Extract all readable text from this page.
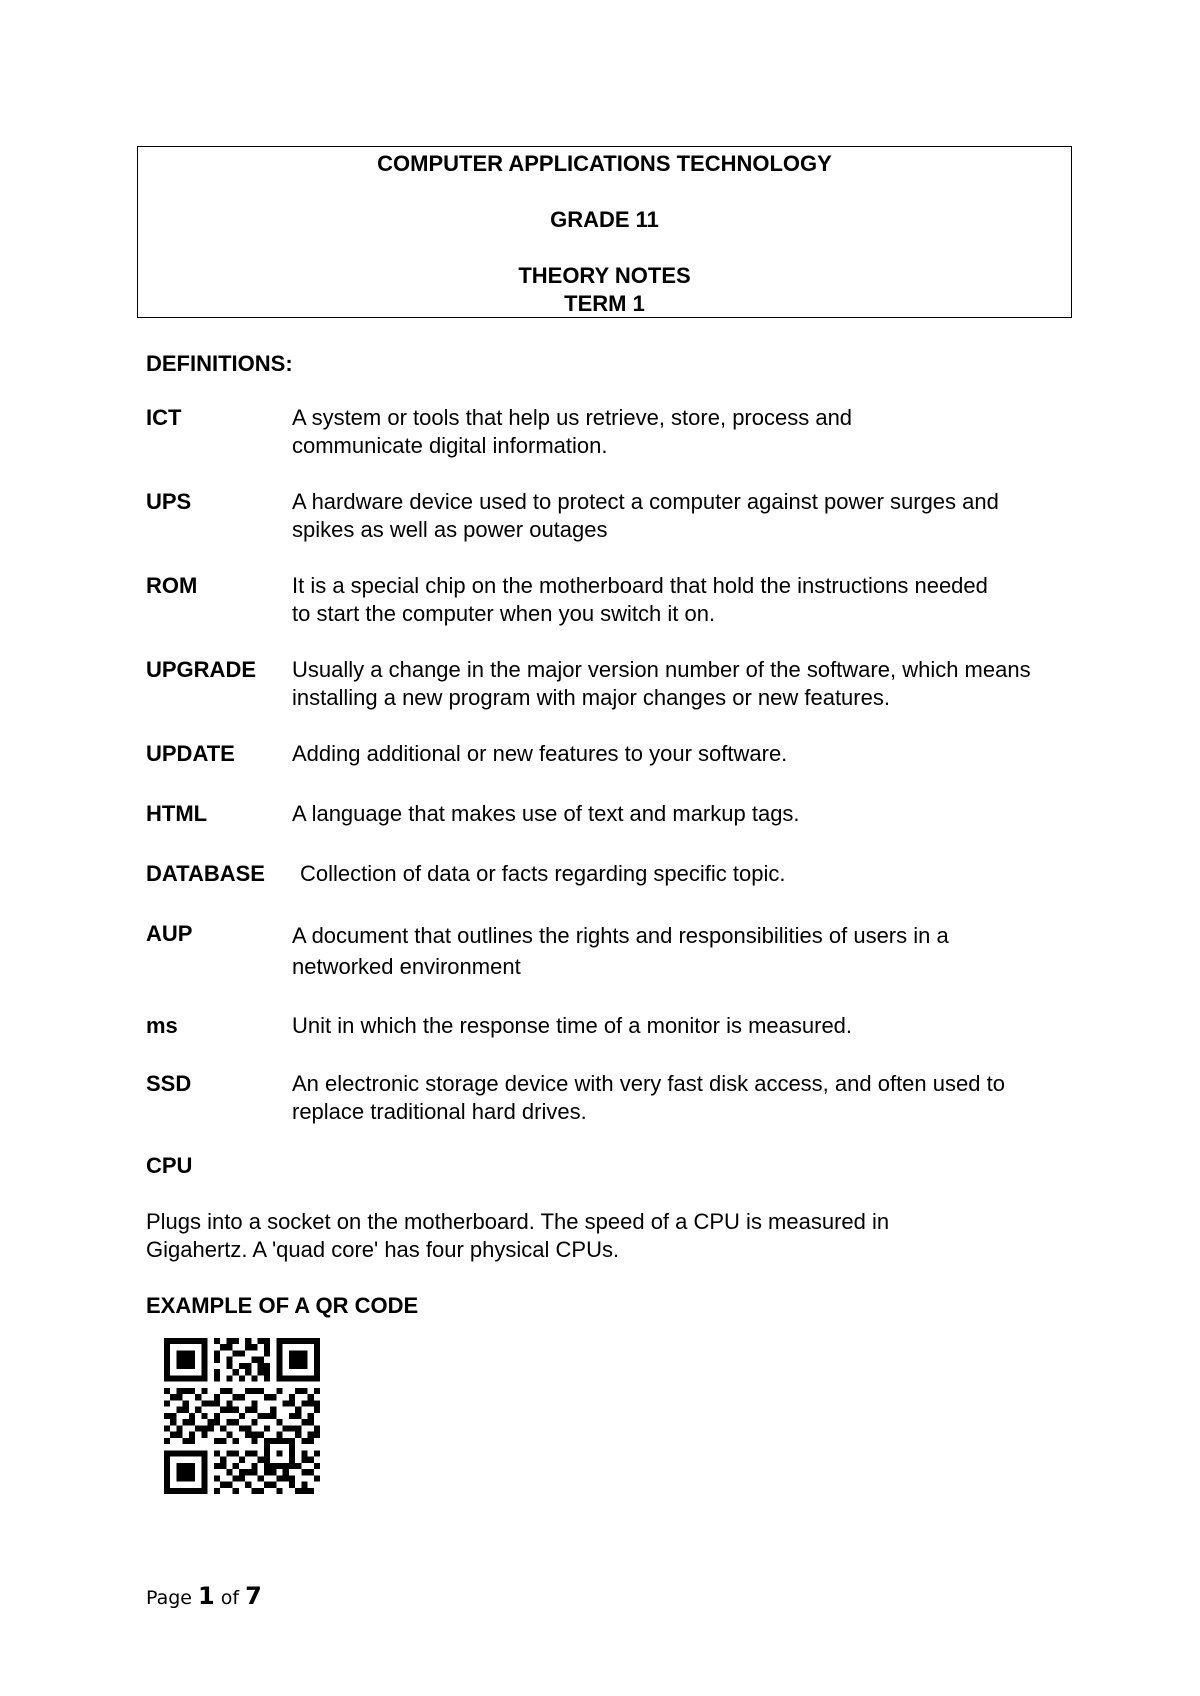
COMPUTER APPLICATIONS TECHNOLOGY
GRADE 11
THEORY NOTES
TERM 1
DEFINITIONS:
ICT	A system or tools that help us retrieve, store, process and communicate digital information.
UPS	A hardware device used to protect a computer against power surges and spikes as well as power outages
ROM	It is a special chip on the motherboard that hold the instructions needed to start the computer when you switch it on.
UPGRADE Usually a change in the major version number of the software, which means installing a new program with major changes or new features.
UPDATE	Adding additional or new features to your software.
HTML	A language that makes use of text and markup tags.
DATABASE Collection of data or facts regarding specific topic.
AUP	A document that outlines the rights and responsibilities of users in a networked environment
ms	Unit in which the response time of a monitor is measured.
SSD	An electronic storage device with very fast disk access, and often used to replace traditional hard drives.
CPU
Plugs into a socket on the motherboard. The speed of a CPU is measured in Gigahertz. A 'quad core' has four physical CPUs.
EXAMPLE OF A QR CODE
Page 1 of 7
